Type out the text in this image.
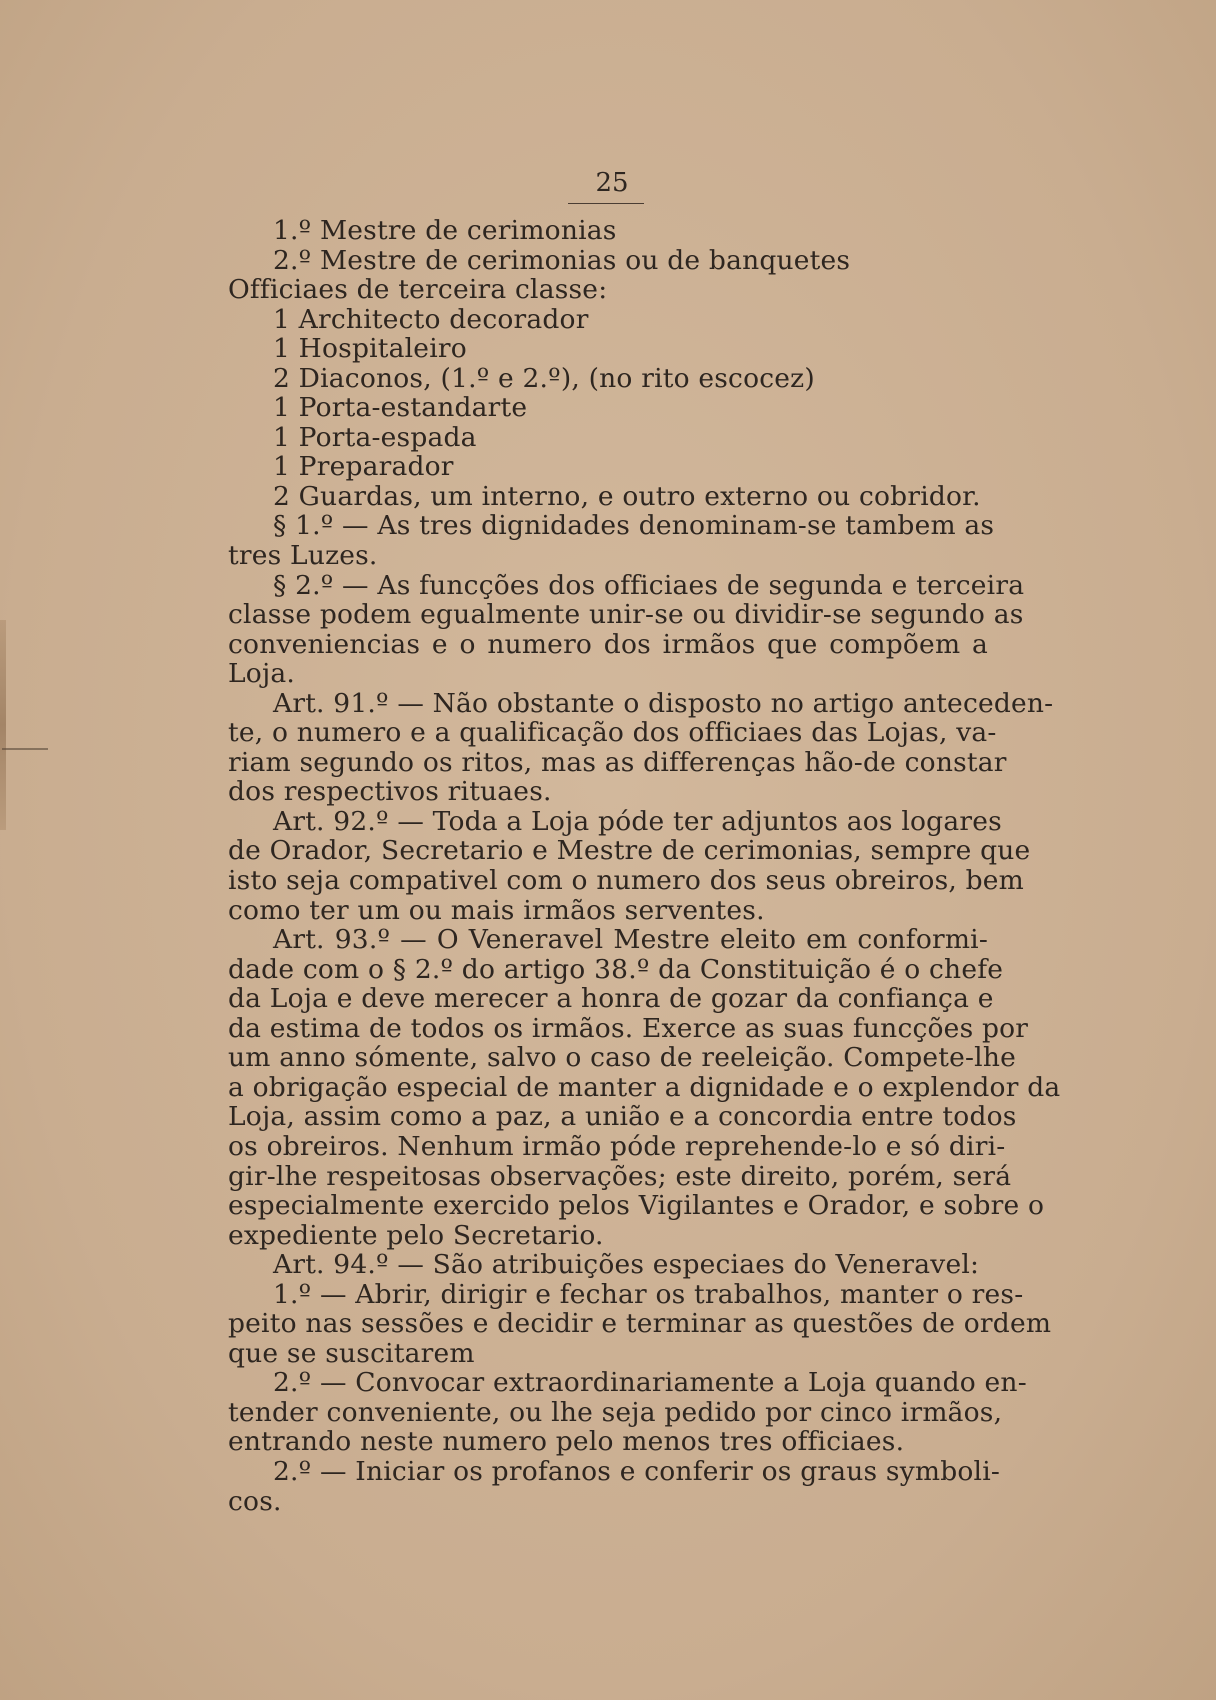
25
1.º Mestre de cerimonias
2.º Mestre de cerimonias ou de banquetes
Officiaes de terceira classe:
1 Architecto decorador
1 Hospitaleiro
2 Diaconos, (1.º e 2.º), (no rito escocez)
1 Porta-estandarte
1 Porta-espada
1 Preparador
2 Guardas, um interno, e outro externo ou cobridor.
§ 1.º — As tres dignidades denominam-se tambem as
tres Luzes.
§ 2.º — As funcções dos officiaes de segunda e terceira
classe podem egualmente unir-se ou dividir-se segundo as
conveniencias e o numero dos irmãos que compõem a
Loja.
Art. 91.º — Não obstante o disposto no artigo anteceden-
te, o numero e a qualificação dos officiaes das Lojas, va-
riam segundo os ritos, mas as differenças hão-de constar
dos respectivos rituaes.
Art. 92.º — Toda a Loja póde ter adjuntos aos logares
de Orador, Secretario e Mestre de cerimonias, sempre que
isto seja compativel com o numero dos seus obreiros, bem
como ter um ou mais irmãos serventes.
Art. 93.º — O Veneravel Mestre eleito em conformi-
dade com o § 2.º do artigo 38.º da Constituição é o chefe
da Loja e deve merecer a honra de gozar da confiança e
da estima de todos os irmãos. Exerce as suas funcções por
um anno sómente, salvo o caso de reeleição. Compete-lhe
a obrigação especial de manter a dignidade e o explendor da
Loja, assim como a paz, a união e a concordia entre todos
os obreiros. Nenhum irmão póde reprehende-lo e só diri-
gir-lhe respeitosas observações; este direito, porém, será
especialmente exercido pelos Vigilantes e Orador, e sobre o
expediente pelo Secretario.
Art. 94.º — São atribuições especiaes do Veneravel:
1.º — Abrir, dirigir e fechar os trabalhos, manter o res-
peito nas sessões e decidir e terminar as questões de ordem
que se suscitarem
2.º — Convocar extraordinariamente a Loja quando en-
tender conveniente, ou lhe seja pedido por cinco irmãos,
entrando neste numero pelo menos tres officiaes.
2.º — Iniciar os profanos e conferir os graus symboli-
cos.
